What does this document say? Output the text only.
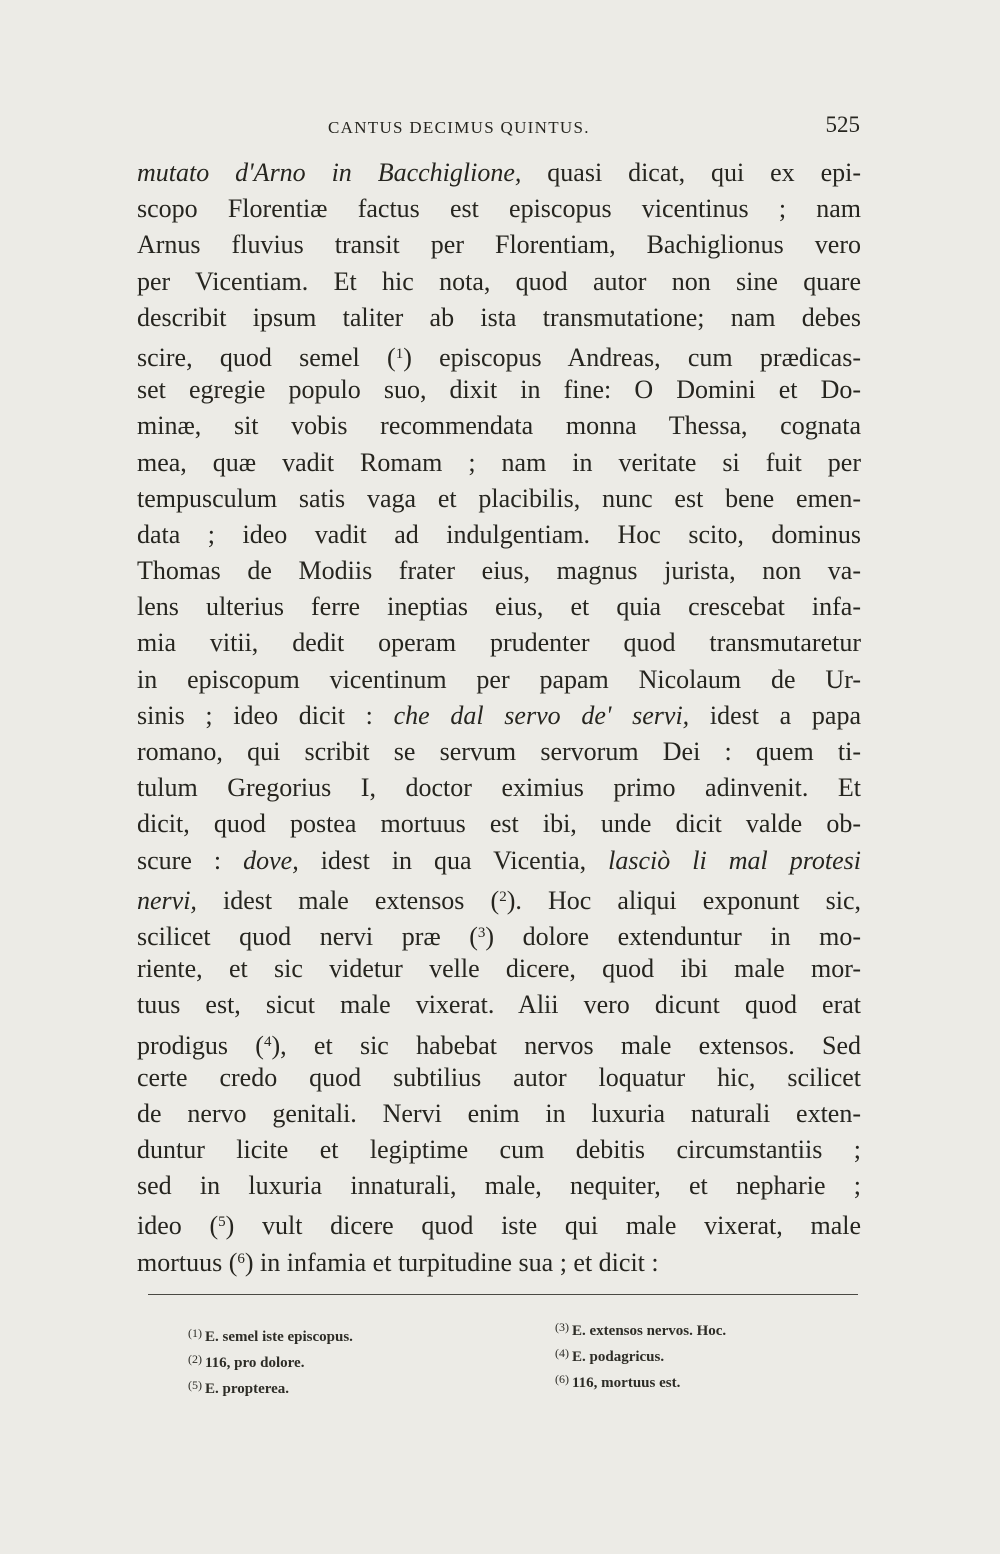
CANTUS DECIMUS QUINTUS.	525
mutato d'Arno in Bacchiglione, quasi dicat, qui ex epi-
scopo Florentiæ factus est episcopus vicentinus ; nam
Arnus fluvius transit per Florentiam, Bachiglionus vero
per Vicentiam. Et hic nota, quod autor non sine quare
describit ipsum taliter ab ista transmutatione; nam debes
scire, quod semel ($^1$) episcopus Andreas, cum prædicas-
set egregie populo suo, dixit in fine: O Domini et Do-
minæ, sit vobis recommendata monna Thessa, cognata
mea, quæ vadit Romam ; nam in veritate si fuit per
tempusculum satis vaga et placibilis, nunc est bene emen-
data ; ideo vadit ad indulgentiam. Hoc scito, dominus
Thomas de Modiis frater eius, magnus jurista, non va-
lens ulterius ferre ineptias eius, et quia crescebat infa-
mia vitii, dedit operam prudenter quod transmutaretur
in episcopum vicentinum per papam Nicolaum de Ur-
sinis ; ideo dicit : che dal servo de' servi, idest a papa
romano, qui scribit se servum servorum Dei : quem ti-
tulum Gregorius I, doctor eximius primo adinvenit. Et
dicit, quod postea mortuus est ibi, unde dicit valde ob-
scure : dove, idest in qua Vicentia, lasciò li mal protesi
nervi, idest male extensos ($^2$). Hoc aliqui exponunt sic,
scilicet quod nervi præ ($^3$) dolore extenduntur in mo-
riente, et sic videtur velle dicere, quod ibi male mor-
tuus est, sicut male vixerat. Alii vero dicunt quod erat
prodigus ($^4$), et sic habebat nervos male extensos. Sed
certe credo quod subtilius autor loquatur hic, scilicet
de nervo genitali. Nervi enim in luxuria naturali exten-
duntur licite et legiptime cum debitis circumstantiis ;
sed in luxuria innaturali, male, nequiter, et nepharie ;
ideo ($^5$) vult dicere quod iste qui male vixerat, male
mortuus ($^6$) in infamia et turpitudine sua ; et dicit :
$^{(1)}$ E. semel iste episcopus.
$^{(2)}$ 116, pro dolore.
$^{(5)}$ E. propterea.
$^{(3)}$ E. extensos nervos. Hoc.
$^{(4)}$ E. podagricus.
$^{(6)}$ 116, mortuus est.
